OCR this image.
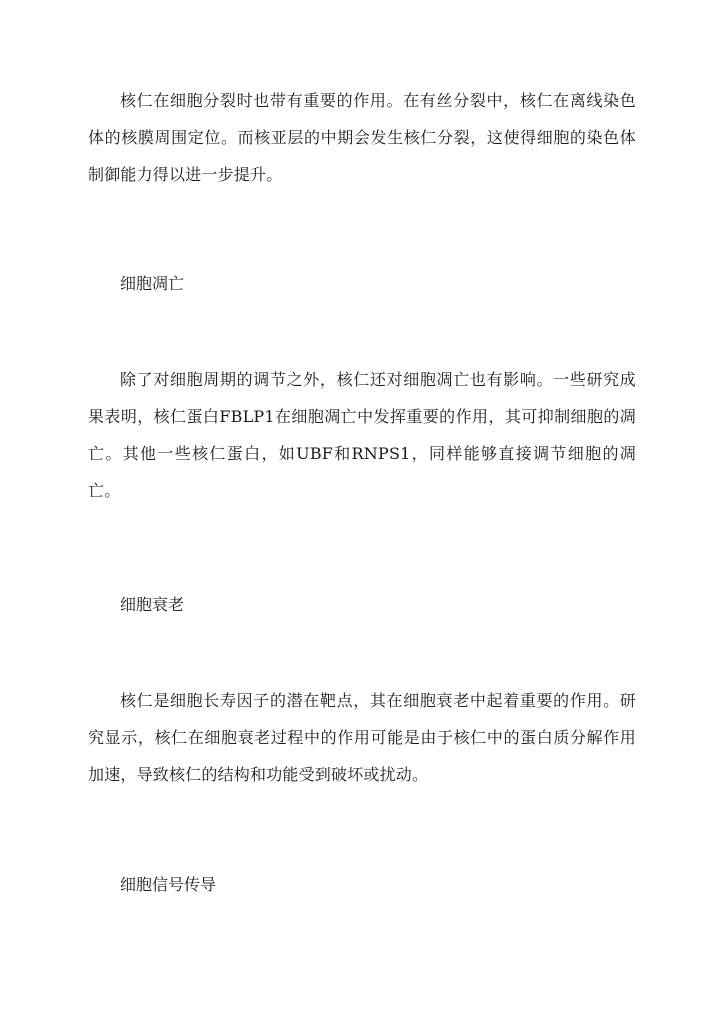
核仁在细胞分裂时也带有重要的作用。在有丝分裂中，核仁在离线染色体的核膜周围定位。而核亚层的中期会发生核仁分裂，这使得细胞的染色体制御能力得以进一步提升。

细胞凋亡

除了对细胞周期的调节之外，核仁还对细胞凋亡也有影响。一些研究成果表明，核仁蛋白FBLP1在细胞凋亡中发挥重要的作用，其可抑制细胞的凋亡。其他一些核仁蛋白，如UBF和RNPS1，同样能够直接调节细胞的凋亡。

细胞衰老

核仁是细胞长寿因子的潜在靶点，其在细胞衰老中起着重要的作用。研究显示，核仁在细胞衰老过程中的作用可能是由于核仁中的蛋白质分解作用加速，导致核仁的结构和功能受到破坏或扰动。

细胞信号传导
